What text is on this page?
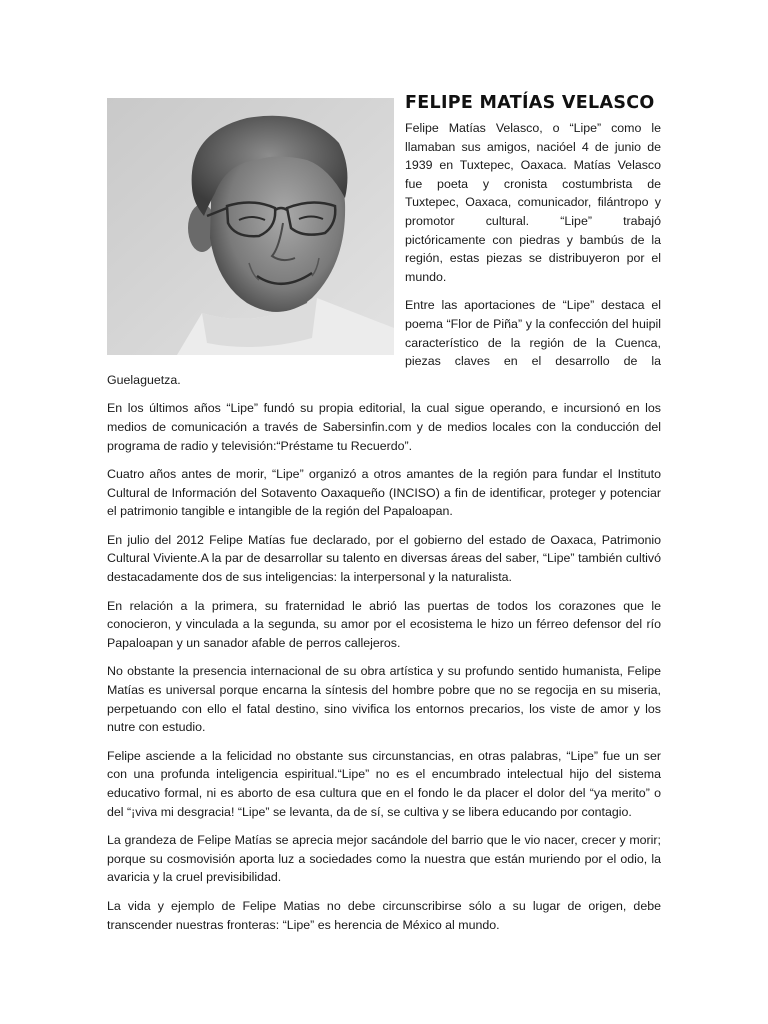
FELIPE MATÍAS VELASCO

Felipe Matías Velasco, o “Lipe” como le llamaban sus amigos, nacióel 4 de junio de 1939 en Tuxtepec, Oaxaca. Matías Velasco fue poeta y cronista costumbrista de Tuxtepec, Oaxaca, comunicador, filántropo y promotor cultural. “Lipe” trabajó pictóricamente con piedras y bambús de la región, estas piezas se distribuyeron por el mundo.

Entre las aportaciones de “Lipe” destaca el poema “Flor de Piña” y la confección del huipil característico de la región de la Cuenca, piezas claves en el desarrollo de la Guelaguetza.

En los últimos años “Lipe” fundó su propia editorial, la cual sigue operando, e incursionó en los medios de comunicación a través de Sabersinfin.com y de medios locales con la conducción del programa de radio y televisión:“Préstame tu Recuerdo”.

Cuatro años antes de morir, “Lipe” organizó a otros amantes de la región para fundar el Instituto Cultural de Información del Sotavento Oaxaqueño (INCISO) a fin de identificar, proteger y potenciar el patrimonio tangible e intangible de la región del Papaloapan.

En julio del 2012 Felipe Matías fue declarado, por el gobierno del estado de Oaxaca, Patrimonio Cultural Viviente.A la par de desarrollar su talento en diversas áreas del saber, “Lipe” también cultivó destacadamente dos de sus inteligencias: la interpersonal y la naturalista.

En relación a la primera, su fraternidad le abrió las puertas de todos los corazones que le conocieron, y vinculada a la segunda, su amor por el ecosistema le hizo un férreo defensor del río Papaloapan y un sanador afable de perros callejeros.

No obstante la presencia internacional de su obra artística y su profundo sentido humanista, Felipe Matías es universal porque encarna la síntesis del hombre pobre que no se regocija en su miseria, perpetuando con ello el fatal destino, sino vivifica los entornos precarios, los viste de amor y los nutre con estudio.

Felipe asciende a la felicidad no obstante sus circunstancias, en otras palabras, “Lipe” fue un ser con una profunda inteligencia espiritual.“Lipe” no es el encumbrado intelectual hijo del sistema educativo formal, ni es aborto de esa cultura que en el fondo le da placer el dolor del “ya merito” o del “¡viva mi desgracia! “Lipe” se levanta, da de sí, se cultiva y se libera educando por contagio.

La grandeza de Felipe Matías se aprecia mejor sacándole del barrio que le vio nacer, crecer y morir; porque su cosmovisión aporta luz a sociedades como la nuestra que están muriendo por el odio, la avaricia y la cruel previsibilidad.

La vida y ejemplo de Felipe Matias no debe circunscribirse sólo a su lugar de origen, debe transcender nuestras fronteras: “Lipe” es herencia de México al mundo.
